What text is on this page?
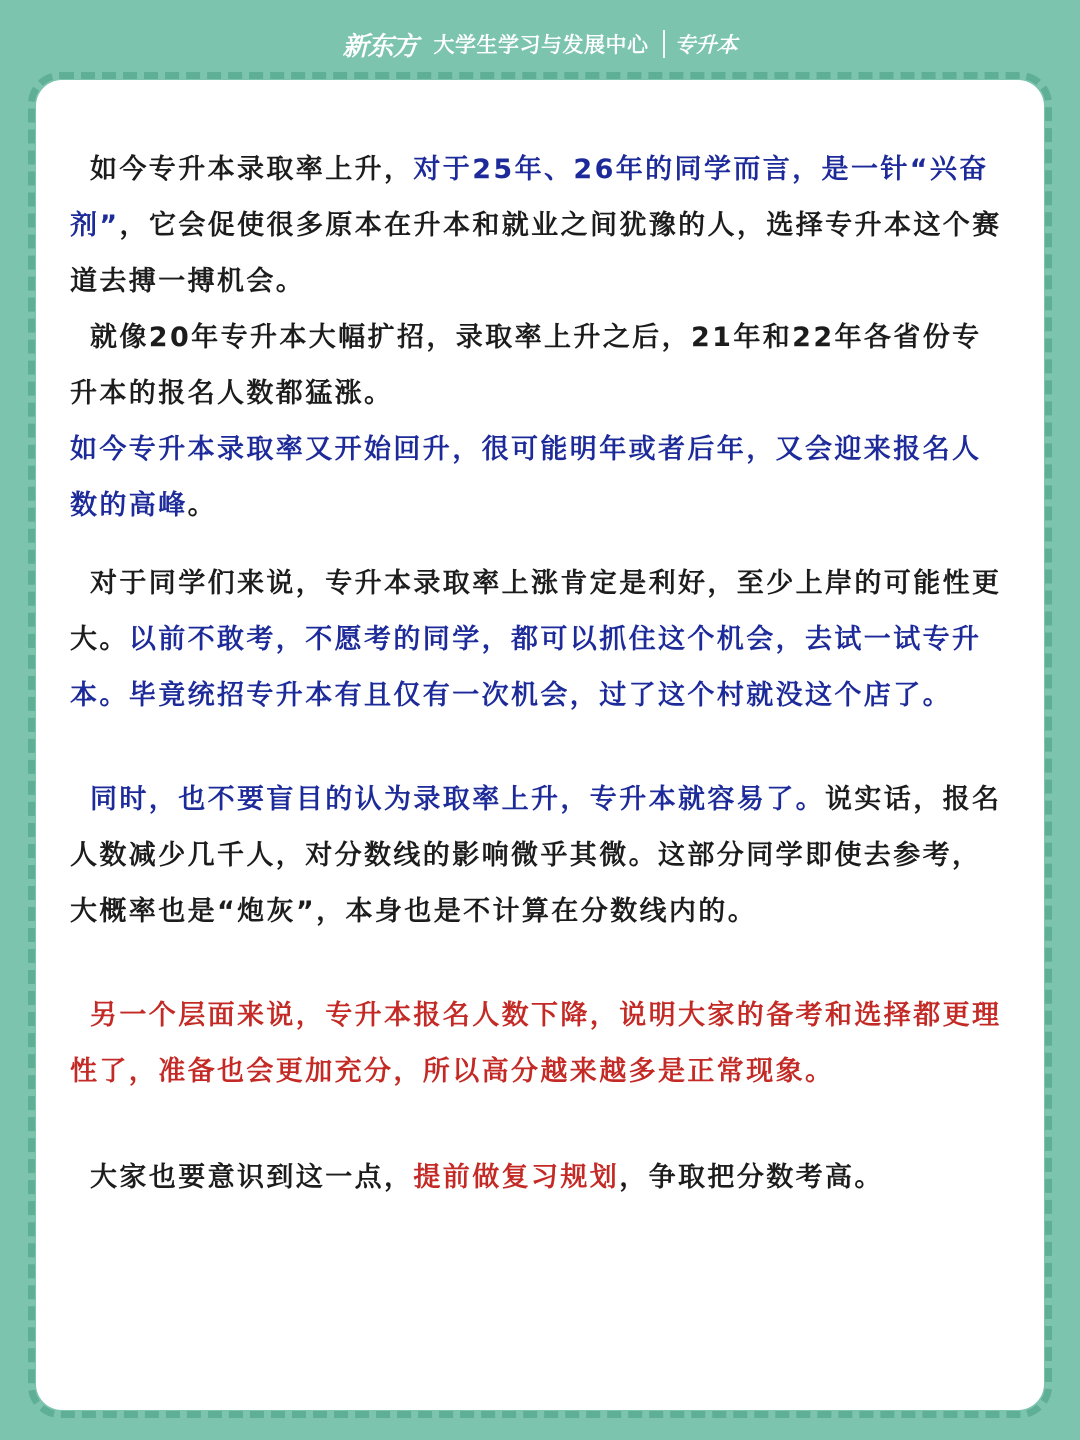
新东方 大学生学习与发展中心 专升本

如今专升本录取率上升，对于25年、26年的同学而言，是一针“兴奋剂”，它会促使很多原本在升本和就业之间犹豫的人，选择专升本这个赛道去搏一搏机会。

就像20年专升本大幅扩招，录取率上升之后，21年和22年各省份专升本的报名人数都猛涨。

如今专升本录取率又开始回升，很可能明年或者后年，又会迎来报名人数的高峰。

对于同学们来说，专升本录取率上涨肯定是利好，至少上岸的可能性更大。以前不敢考，不愿考的同学，都可以抓住这个机会，去试一试专升本。毕竟统招专升本有且仅有一次机会，过了这个村就没这个店了。

同时，也不要盲目的认为录取率上升，专升本就容易了。说实话，报名人数减少几千人，对分数线的影响微乎其微。这部分同学即使去参考，大概率也是“炮灰”，本身也是不计算在分数线内的。

另一个层面来说，专升本报名人数下降，说明大家的备考和选择都更理性了，准备也会更加充分，所以高分越来越多是正常现象。

大家也要意识到这一点，提前做复习规划，争取把分数考高。
